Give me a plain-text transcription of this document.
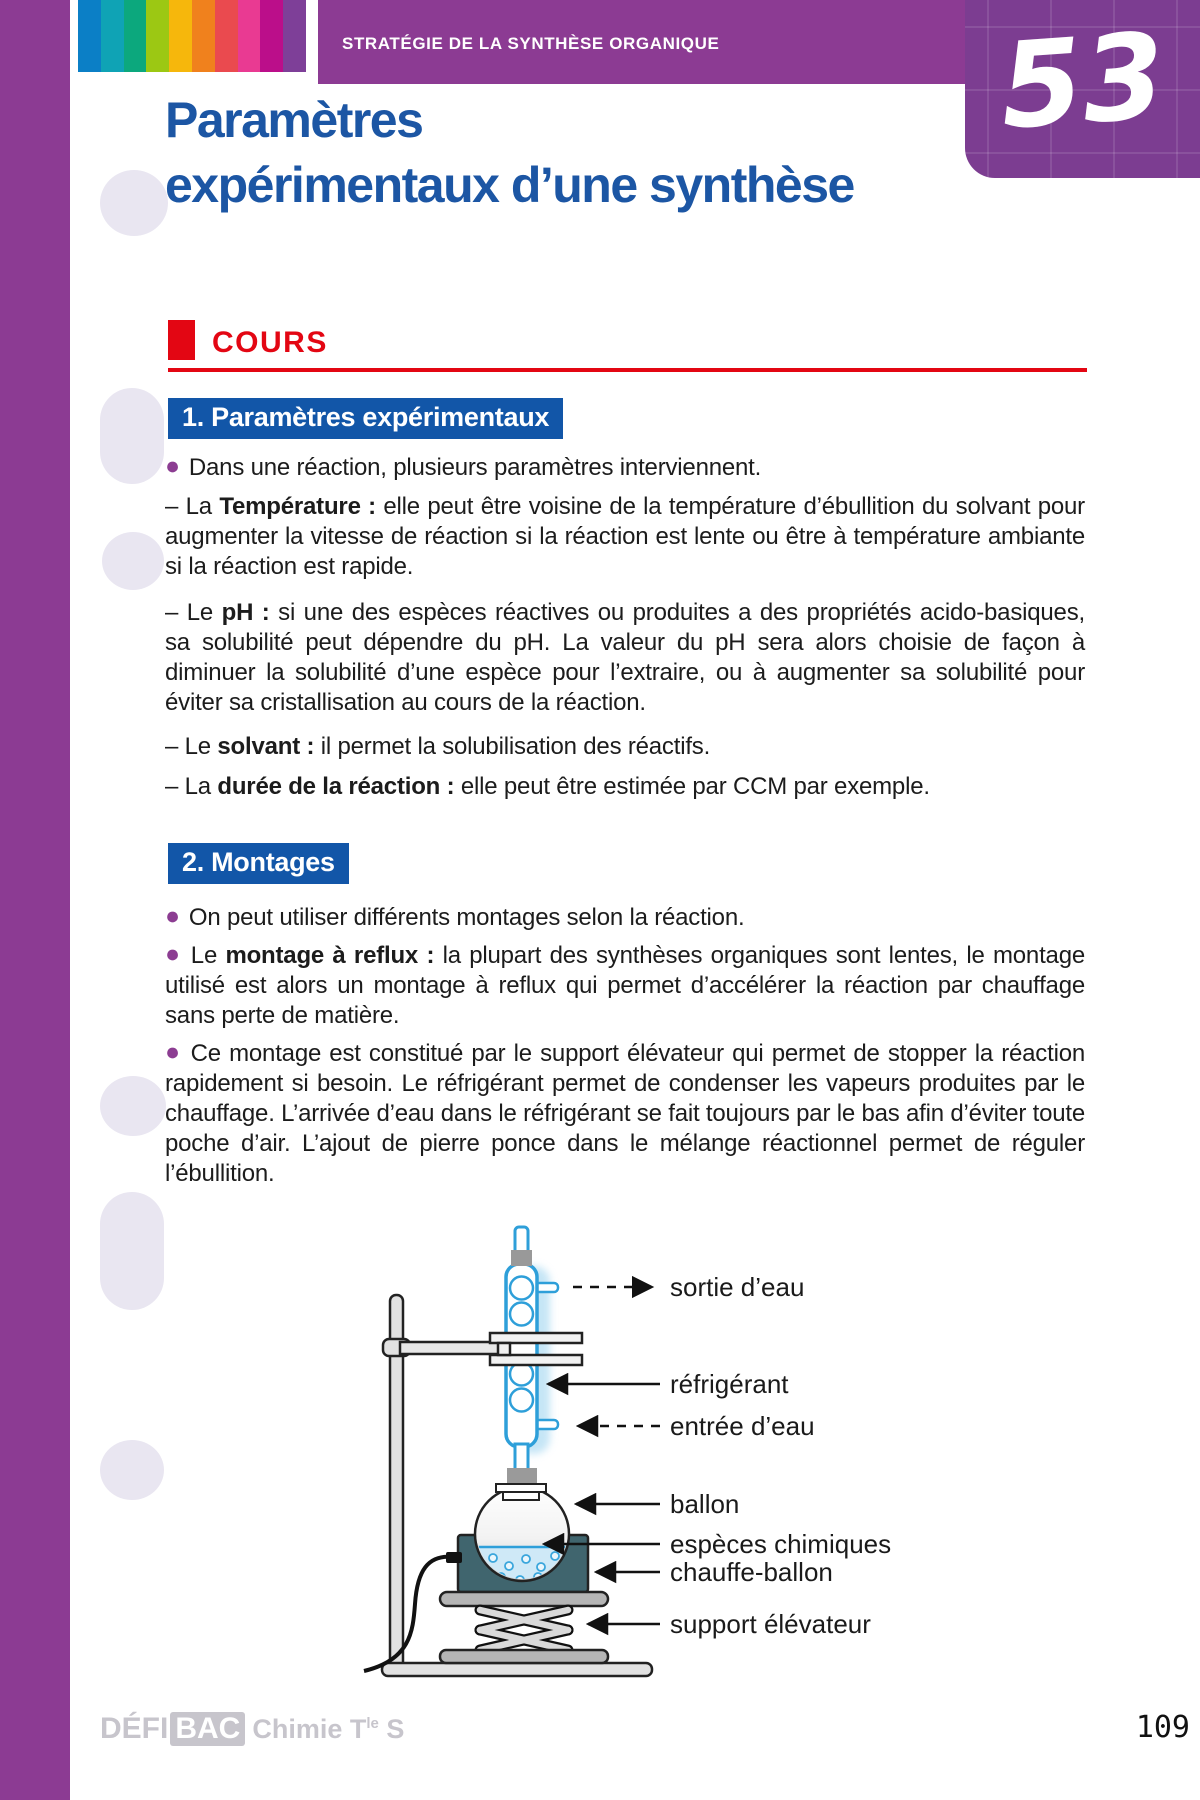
STRATÉGIE DE LA SYNTHÈSE ORGANIQUE 53
Paramètres
expérimentaux d’une synthèse
COURS
1. Paramètres expérimentaux
2. Montages
● Dans une réaction, plusieurs paramètres interviennent.
– La Température : elle peut être voisine de la température d’ébullition du solvant pour augmenter la vitesse de réaction si la réaction est lente ou être à température ambiante si la réaction est rapide.
– Le pH : si une des espèces réactives ou produites a des propriétés acido-basiques, sa solubilité peut dépendre du pH. La valeur du pH sera alors choisie de façon à diminuer la solubilité d’une espèce pour l’extraire, ou à augmenter sa solubilité pour éviter sa cristallisation au cours de la réaction.
– Le solvant : il permet la solubilisation des réactifs.
– La durée de la réaction : elle peut être estimée par CCM par exemple.
● On peut utiliser différents montages selon la réaction.
● Le montage à reflux : la plupart des synthèses organiques sont lentes, le montage utilisé est alors un montage à reflux qui permet d’accélérer la réaction par chauffage sans perte de matière.
● Ce montage est constitué par le support élévateur qui permet de stopper la réaction rapidement si besoin. Le réfrigérant permet de condenser les vapeurs produites par le chauffage. L’arrivée d’eau dans le réfrigérant se fait toujours par le bas afin d’éviter toute poche d’air. L’ajout de pierre ponce dans le mélange réactionnel permet de réguler l’ébullition.
sortie d’eau
réfrigérant
entrée d’eau
ballon
espèces chimiques
chauffe-ballon
support élévateur
DÉFI BAC Chimie $T^{le}$ S	109
